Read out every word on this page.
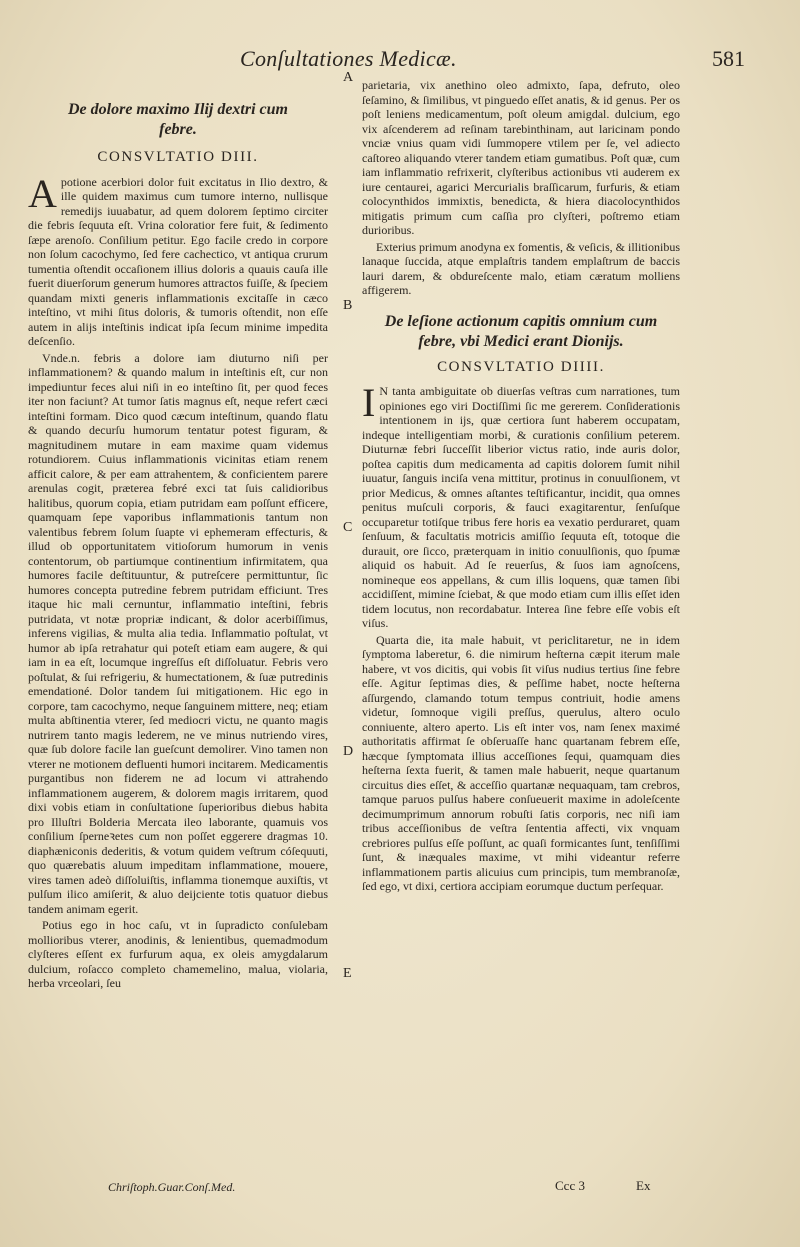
Conſultationes Medicæ.	581
A
B
C
D
E
De dolore maximo Ilij dextri cum febre.
CONSVLTATIO DIII.

Apotione acerbiori dolor fuit excitatus in Ilio dextro, & ille quidem maximus cum tumore interno, nullisque remedijs iuuabatur, ad quem dolorem ſeptimo circiter die febris ſequuta eſt. Vrina coloratior fere fuit, & ſedimento ſæpe arenoſo. Conſilium petitur. Ego facile credo in corpore non ſolum cacochymo, ſed fere cachectico, vt antiqua crurum tumentia oſtendit occaſionem illius doloris a quauis cauſa ille fuerit diuerſorum generum humores attractos fuiſſe, & ſpeciem quandam mixti generis inflammationis excitaſſe in cæco inteſtino, vt mihi ſitus doloris, & tumoris oſtendit, non eſſe autem in alijs inteſtinis indicat ipſa ſecum minime impedita deſcenſio.

Vnde.n. febris a dolore iam diuturno niſi per inflammationem? & quando malum in inteſtinis eſt, cur non impediuntur feces alui niſi in eo inteſtino ſit, per quod feces iter non faciunt? At tumor ſatis magnus eſt, neque refert cæci inteſtini formam. Dico quod cæcum inteſtinum, quando flatu & quando decurſu humorum tentatur potest figuram, & magnitudinem mutare in eam maxime quam videmus rotundiorem. Cuius inflammationis vicinitas etiam renem afficit calore, & per eam attrahentem, & conficientem parere arenulas cogit, præterea febré exci tat ſuis calidioribus halitibus, quorum copia, etiam putridam eam poſſunt efficere, quamquam ſepe vaporibus inflammationis tantum non valentibus febrem ſolum ſuapte vi ephemeram effecturis, & illud ob opportunitatem vitioſorum humorum in venis contentorum, ob partiumque continentium infirmitatem, qua humores facile deſtituuntur, & putreſcere permittuntur, ſic humores concepta putredine febrem putridam efficiunt. Tres itaque hic mali cernuntur, inflammatio inteſtini, febris putridata, vt notæ propriæ indicant, & dolor acerbiſſimus, inferens vigilias, & multa alia tedia. Inflammatio poſtulat, vt humor ab ipſa retrahatur qui poteſt etiam eam augere, & qui iam in ea eſt, locumque ingreſſus eſt diſſoluatur. Febris vero poſtulat, & ſui refrigeriu, & humectationem, & ſuæ putredinis emendationé. Dolor tandem ſui mitigationem. Hic ego in corpore, tam cacochymo, neque ſanguinem mittere, neq; etiam multa abſtinentia vterer, ſed mediocri victu, ne quanto magis nutrirem tanto magis lederem, ne ve minus nutriendo vires, quæ ſub dolore facile lan gueſcunt demolirer. Vino tamen non vterer ne motionem defluenti humori incitarem. Medicamentis purgantibus non fiderem ne ad locum vi attrahendo inflammationem augerem, & dolorem magis irritarem, quod dixi vobis etiam in conſultatione ſuperioribus diebus habita pro Illuſtri Bolderia Mercata ileo laborante, quamuis vos conſilium ſperneꝛetes cum non poſſet eggerere dragmas 10. diaphæniconis dederitis, & votum quidem veſtrum cóſequuti, quo quærebatis aluum impeditam inflammatione, mouere, vires tamen adeò diſſoluiſtis, inflamma tionemque auxiſtis, vt pulſum ilico amiſerit, & aluo deijciente totis quatuor diebus tandem animam egerit.

Potius ego in hoc caſu, vt in ſupradicto conſulebam mollioribus vterer, anodinis, & lenientibus, quemadmodum clyſteres eſſent ex furfurum aqua, ex oleis amygdalarum dulcium, roſacco completo chamemelino, malua, violaria, herba vrceolari, ſeu

parietaria, vix anethino oleo admixto, ſapa, defruto, oleo ſeſamino, & ſimilibus, vt pinguedo eſſet anatis, & id genus. Per os poſt leniens medicamentum, poſt oleum amigdal. dulcium, ego vix aſcenderem ad reſinam tarebinthinam, aut laricinam pondo vnciæ vnius quam vidi ſummopere vtilem per ſe, vel adiecto caſtoreo aliquando vterer tandem etiam gumatibus. Poſt quæ, cum iam inflammatio refrixerit, clyſteribus actionibus vti auderem ex iure centaurei, agarici Mercurialis braſſicarum, furfuris, & etiam colocynthidos immixtis, benedicta, & hiera diacolocynthidos mitigatis primum cum caſſia pro clyſteri, poſtremo etiam durioribus.

Exterius primum anodyna ex fomentis, & veſicis, & illitionibus lanaque ſuccida, atque emplaſtris tandem emplaſtrum de baccis lauri darem, & obdureſcente malo, etiam cæratum molliens affigerem.

De leſione actionum capitis omnium cum febre, vbi Medici erant Dionijs.
CONSVLTATIO DIIII.

I N tanta ambiguitate ob diuerſas veſtras cum narrationes, tum opiniones ego viri Doctiſſimi ſic me gererem. Conſiderationis intentionem in ijs, quæ certiora ſunt haberem occupatam, indeque intelligentiam morbi, & curationis conſilium peterem. Diuturnæ febri ſucceſſit liberior victus ratio, inde auris dolor, poſtea capitis dum medicamenta ad capitis dolorem ſumit nihil iuuatur, ſanguis inciſa vena mittitur, protinus in conuulſionem, vt prior Medicus, & omnes aſtantes teſtificantur, incidit, qua omnes penitus muſculi corporis, & fauci exagitarentur, ſenſuſque occuparetur totiſque tribus fere horis ea vexatio perduraret, quam ſenſuum, & facultatis motricis amiſſio ſequuta eſt, totoque die durauit, ore ſicco, præterquam in initio conuulſionis, quo ſpumæ aliquid os habuit. Ad ſe reuerſus, & ſuos iam agnoſcens, nomineque eos appellans, & cum illis loquens, quæ tamen ſibi accidiſſent, mimine ſciebat, & que modo etiam cum illis eſſet iden tidem locutus, non recordabatur. Interea ſine febre eſſe vobis eſt viſus.

Quarta die, ita male habuit, vt periclitaretur, ne in idem ſymptoma laberetur, 6. die nimirum heſterna cæpit iterum male habere, vt vos dicitis, qui vobis ſit viſus nudius tertius ſine febre eſſe. Agitur ſeptimas dies, & peſſime habet, nocte heſterna aſſurgendo, clamando totum tempus contriuit, hodie amens videtur, ſomnoque vigili preſſus, querulus, altero oculo conniuente, altero aperto. Lis eſt inter vos, nam ſenex maximé authoritatis affirmat ſe obſeruaſſe hanc quartanam febrem eſſe, hæcque ſymptomata illius acceſſiones ſequi, quamquam dies heſterna ſexta fuerit, & tamen male habuerit, neque quartanum circuitus dies eſſet, & acceſſio quartanæ nequaquam, tam crebros, tamque paruos pulſus habere conſueuerit maxime in adoleſcente decimumprimum annorum robuſti ſatis corporis, nec niſi iam tribus acceſſionibus de veſtra ſententia affecti, vix vnquam crebriores pulſus eſſe poſſunt, ac quaſi formicantes ſunt, tenſiſſimi ſunt, & inæquales maxime, vt mihi videantur referre inflammationem partis alicuius cum principis, tum membranoſæ, ſed ego, vt dixi, certiora accipiam eorumque ductum perſequar.

Chriſtoph.Guar.Conſ.Med.	Ccc 3	Ex
